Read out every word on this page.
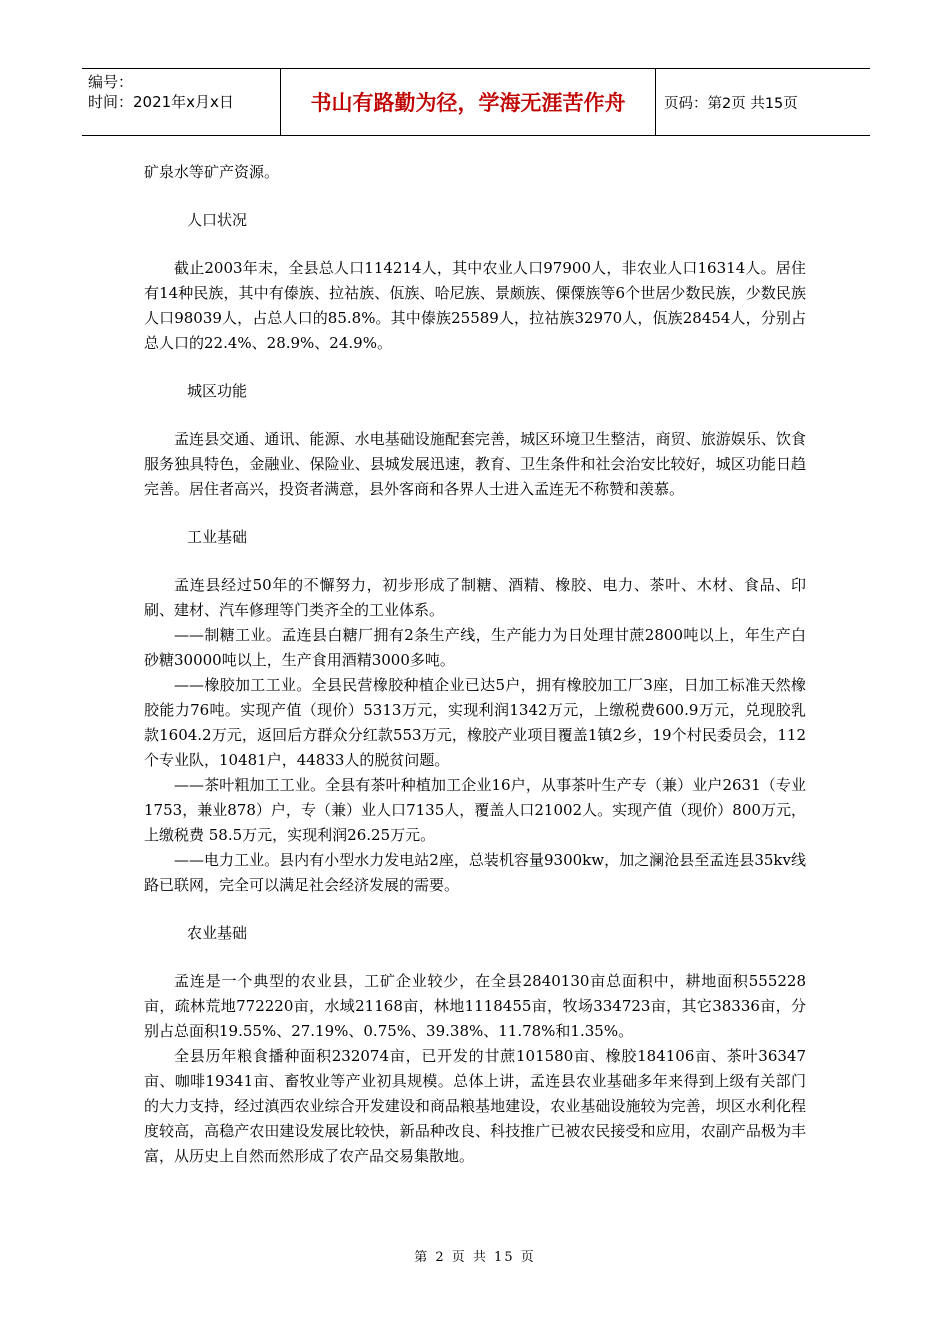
编号：
时间：2021年x月x日	书山有路勤为径，学海无涯苦作舟	页码：第2页 共15页

矿泉水等矿产资源。

人口状况

截止2003年末，全县总人口114214人，其中农业人口97900人，非农业人口16314人。居住有14种民族，其中有傣族、拉祜族、佤族、哈尼族、景颇族、傈僳族等6个世居少数民族，少数民族人口98039人，占总人口的85.8%。其中傣族25589人，拉祜族32970人，佤族28454人，分别占总人口的22.4%、28.9%、24.9%。

城区功能

孟连县交通、通讯、能源、水电基础设施配套完善，城区环境卫生整洁，商贸、旅游娱乐、饮食服务独具特色，金融业、保险业、县城发展迅速，教育、卫生条件和社会治安比较好，城区功能日趋完善。居住者高兴，投资者满意，县外客商和各界人士进入孟连无不称赞和羡慕。

工业基础

孟连县经过50年的不懈努力，初步形成了制糖、酒精、橡胶、电力、茶叶、木材、食品、印刷、建材、汽车修理等门类齐全的工业体系。

——制糖工业。孟连县白糖厂拥有2条生产线，生产能力为日处理甘蔗2800吨以上，年生产白砂糖30000吨以上，生产食用酒精3000多吨。

——橡胶加工工业。全县民营橡胶种植企业已达5户，拥有橡胶加工厂3座，日加工标准天然橡胶能力76吨。实现产值（现价）5313万元，实现利润1342万元，上缴税费600.9万元，兑现胶乳款1604.2万元，返回后方群众分红款553万元，橡胶产业项目覆盖1镇2乡，19个村民委员会，112个专业队，10481户，44833人的脱贫问题。

——茶叶粗加工工业。全县有茶叶种植加工企业16户，从事茶叶生产专（兼）业户2631（专业1753，兼业878）户，专（兼）业人口7135人，覆盖人口21002人。实现产值（现价）800万元，上缴税费 58.5万元，实现利润26.25万元。

——电力工业。县内有小型水力发电站2座，总装机容量9300kw，加之澜沧县至孟连县35kv线路已联网，完全可以满足社会经济发展的需要。

农业基础

孟连是一个典型的农业县，工矿企业较少，在全县2840130亩总面积中，耕地面积555228亩，疏林荒地772220亩，水域21168亩，林地1118455亩，牧场334723亩，其它38336亩，分别占总面积19.55%、27.19%、0.75%、39.38%、11.78%和1.35%。

全县历年粮食播种面积232074亩，已开发的甘蔗101580亩、橡胶184106亩、茶叶36347亩、咖啡19341亩、畜牧业等产业初具规模。总体上讲，孟连县农业基础多年来得到上级有关部门的大力支持，经过滇西农业综合开发建设和商品粮基地建设，农业基础设施较为完善，坝区水利化程度较高，高稳产农田建设发展比较快，新品种改良、科技推广已被农民接受和应用，农副产品极为丰富，从历史上自然而然形成了农产品交易集散地。

第 2 页 共 15 页
